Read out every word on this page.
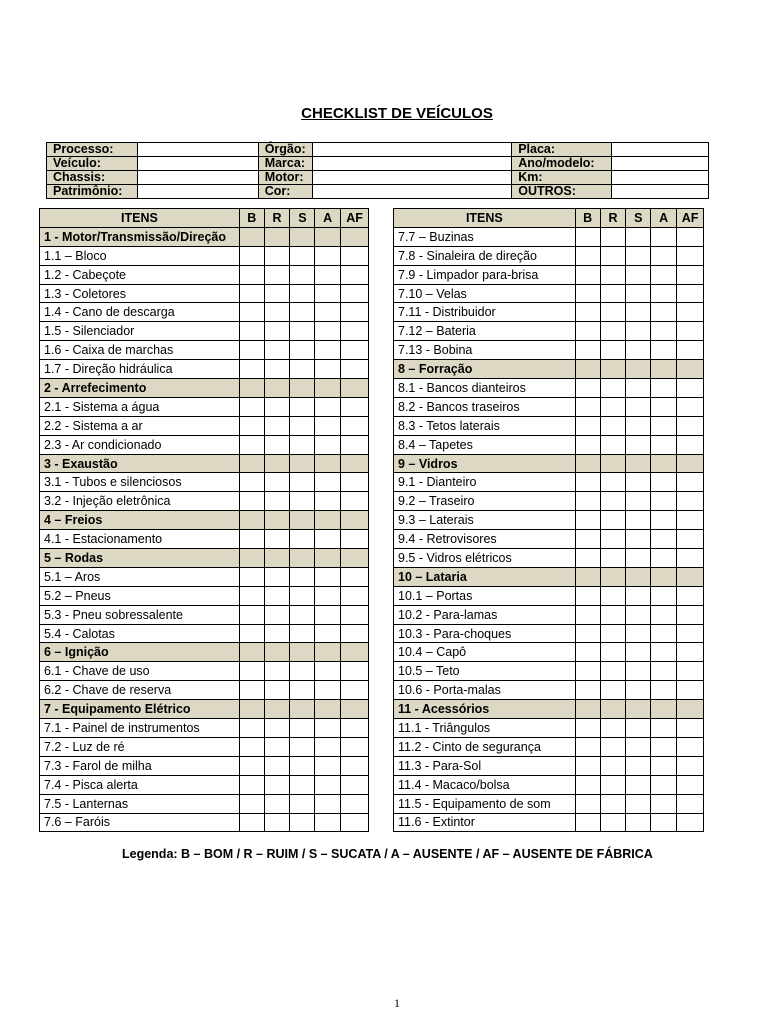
CHECKLIST DE VEÍCULOS
Processo:		Órgão:		Placa:	
Veículo:		Marca:		Ano/modelo:	
Chassis:		Motor:		Km:	
Patrimônio:		Cor:		OUTROS:	
ITENS	B	R	S	A	AF
1 - Motor/Transmissão/Direção					
1.1 – Bloco					
1.2 - Cabeçote					
1.3 - Coletores					
1.4 - Cano de descarga					
1.5 - Silenciador					
1.6 - Caixa de marchas					
1.7 - Direção hidráulica					
2 - Arrefecimento					
2.1 - Sistema a água					
2.2 - Sistema a ar					
2.3 - Ar condicionado					
3 - Exaustão					
3.1 - Tubos e silenciosos					
3.2 - Injeção eletrônica					
4 – Freios					
4.1 - Estacionamento					
5 – Rodas					
5.1 – Aros					
5.2 – Pneus					
5.3 - Pneu sobressalente					
5.4 - Calotas					
6 – Ignição					
6.1 - Chave de uso					
6.2 - Chave de reserva					
7 - Equipamento Elétrico					
7.1 - Painel de instrumentos					
7.2 - Luz de ré					
7.3 - Farol de milha					
7.4 - Pisca alerta					
7.5 - Lanternas					
7.6 – Faróis					
ITENS	B	R	S	A	AF
7.7 – Buzinas					
7.8 - Sinaleira de direção					
7.9 - Limpador para-brisa					
7.10 – Velas					
7.11 - Distribuidor					
7.12 – Bateria					
7.13 - Bobina					
8 – Forração					
8.1 - Bancos dianteiros					
8.2 - Bancos traseiros					
8.3 - Tetos laterais					
8.4 – Tapetes					
9 – Vidros					
9.1 - Dianteiro					
9.2 – Traseiro					
9.3 – Laterais					
9.4 - Retrovisores					
9.5 - Vidros elétricos					
10 – Lataria					
10.1 – Portas					
10.2 - Para-lamas					
10.3 - Para-choques					
10.4 – Capô					
10.5 – Teto					
10.6 - Porta-malas					
11 - Acessórios					
11.1 - Triângulos					
11.2 - Cinto de segurança					
11.3 - Para-Sol					
11.4 - Macaco/bolsa					
11.5 - Equipamento de som					
11.6 - Extintor					
Legenda: B – BOM / R – RUIM / S – SUCATA / A – AUSENTE / AF – AUSENTE DE FÁBRICA
1
